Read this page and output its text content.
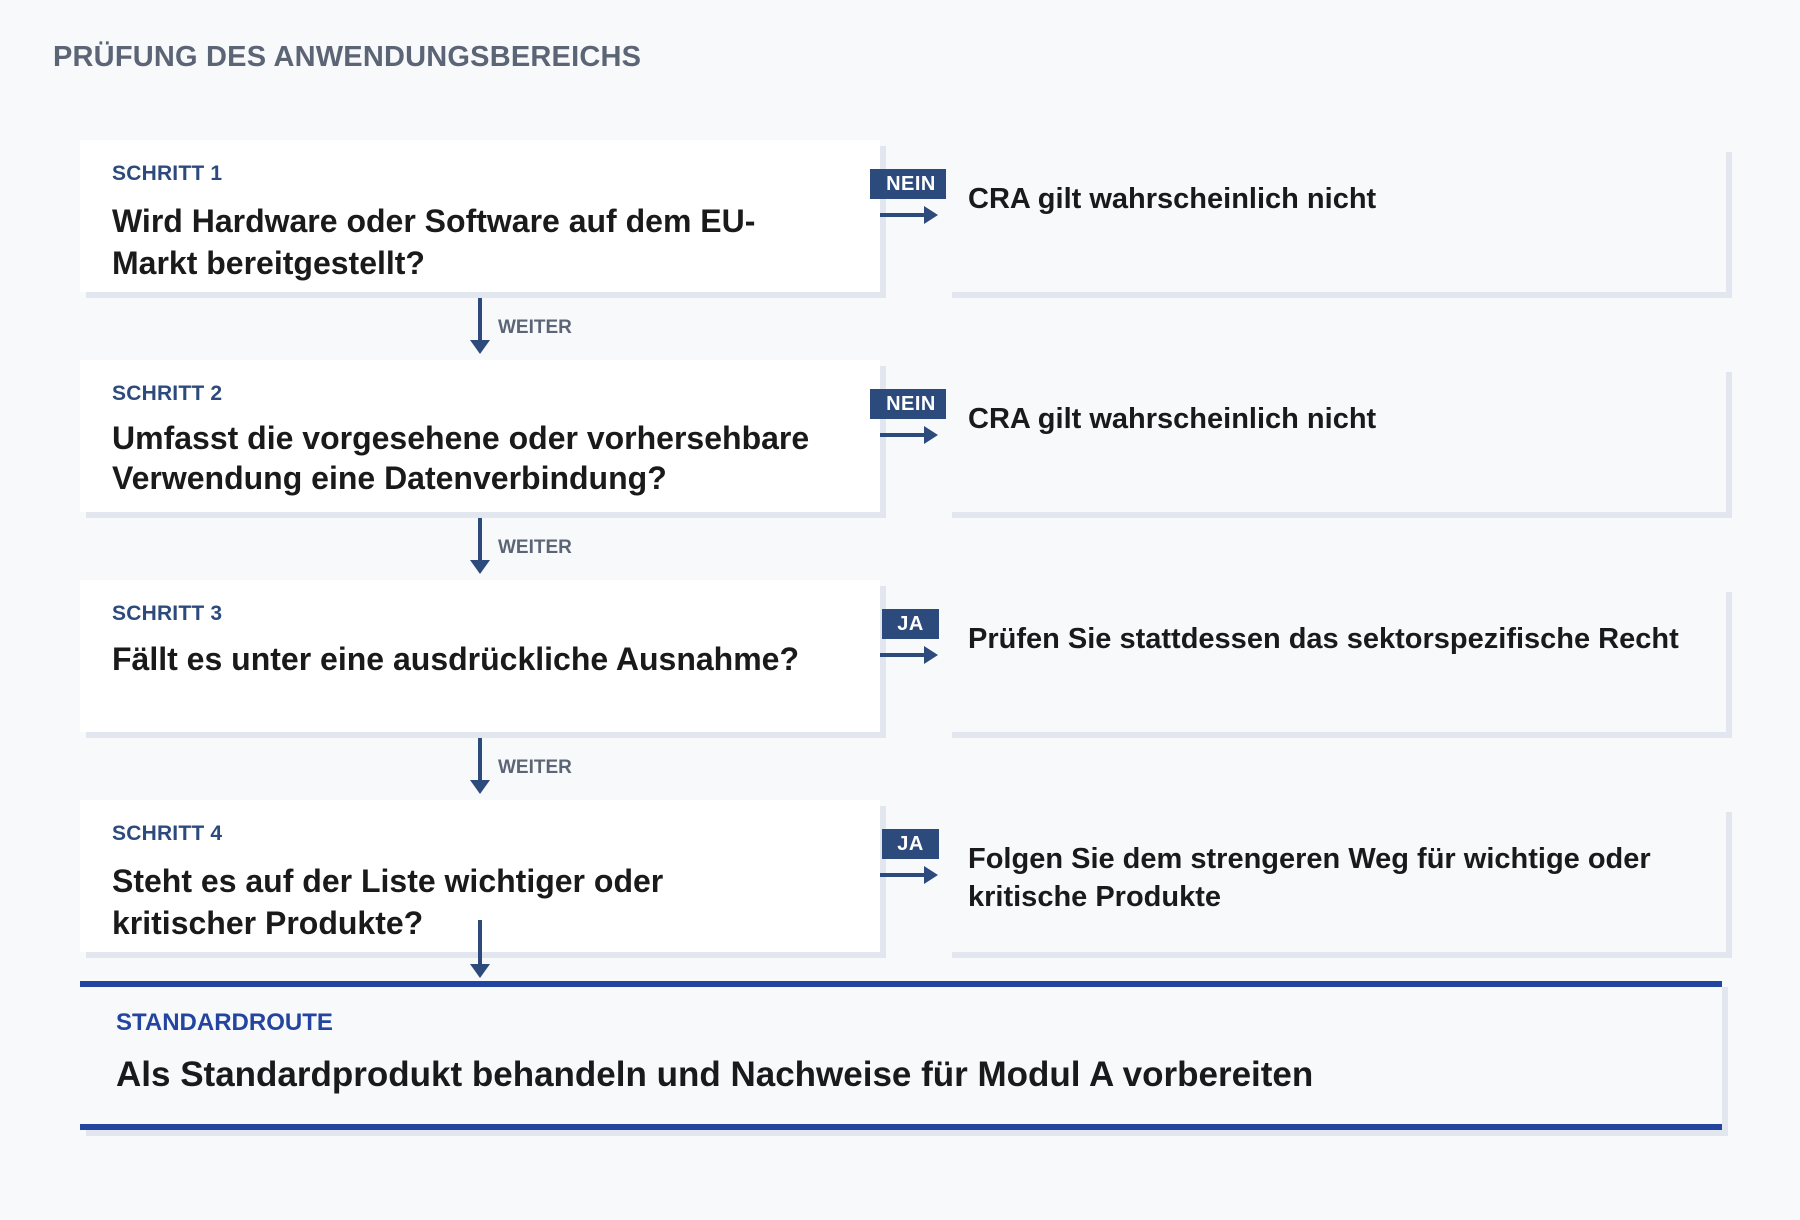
PRÜFUNG DES ANWENDUNGSBEREICHS
SCHRITT 1
Wird Hardware oder Software auf dem EU-Markt bereitgestellt?
NEIN	CRA gilt wahrscheinlich nicht
WEITER
SCHRITT 2
Umfasst die vorgesehene oder vorhersehbare Verwendung eine Datenverbindung?
NEIN	CRA gilt wahrscheinlich nicht
WEITER
SCHRITT 3
Fällt es unter eine ausdrückliche Ausnahme?
JA	Prüfen Sie stattdessen das sektorspezifische Recht
WEITER
SCHRITT 4
Steht es auf der Liste wichtiger oder kritischer Produkte?
JA	Folgen Sie dem strengeren Weg für wichtige oder kritische Produkte
STANDARDROUTE
Als Standardprodukt behandeln und Nachweise für Modul A vorbereiten
